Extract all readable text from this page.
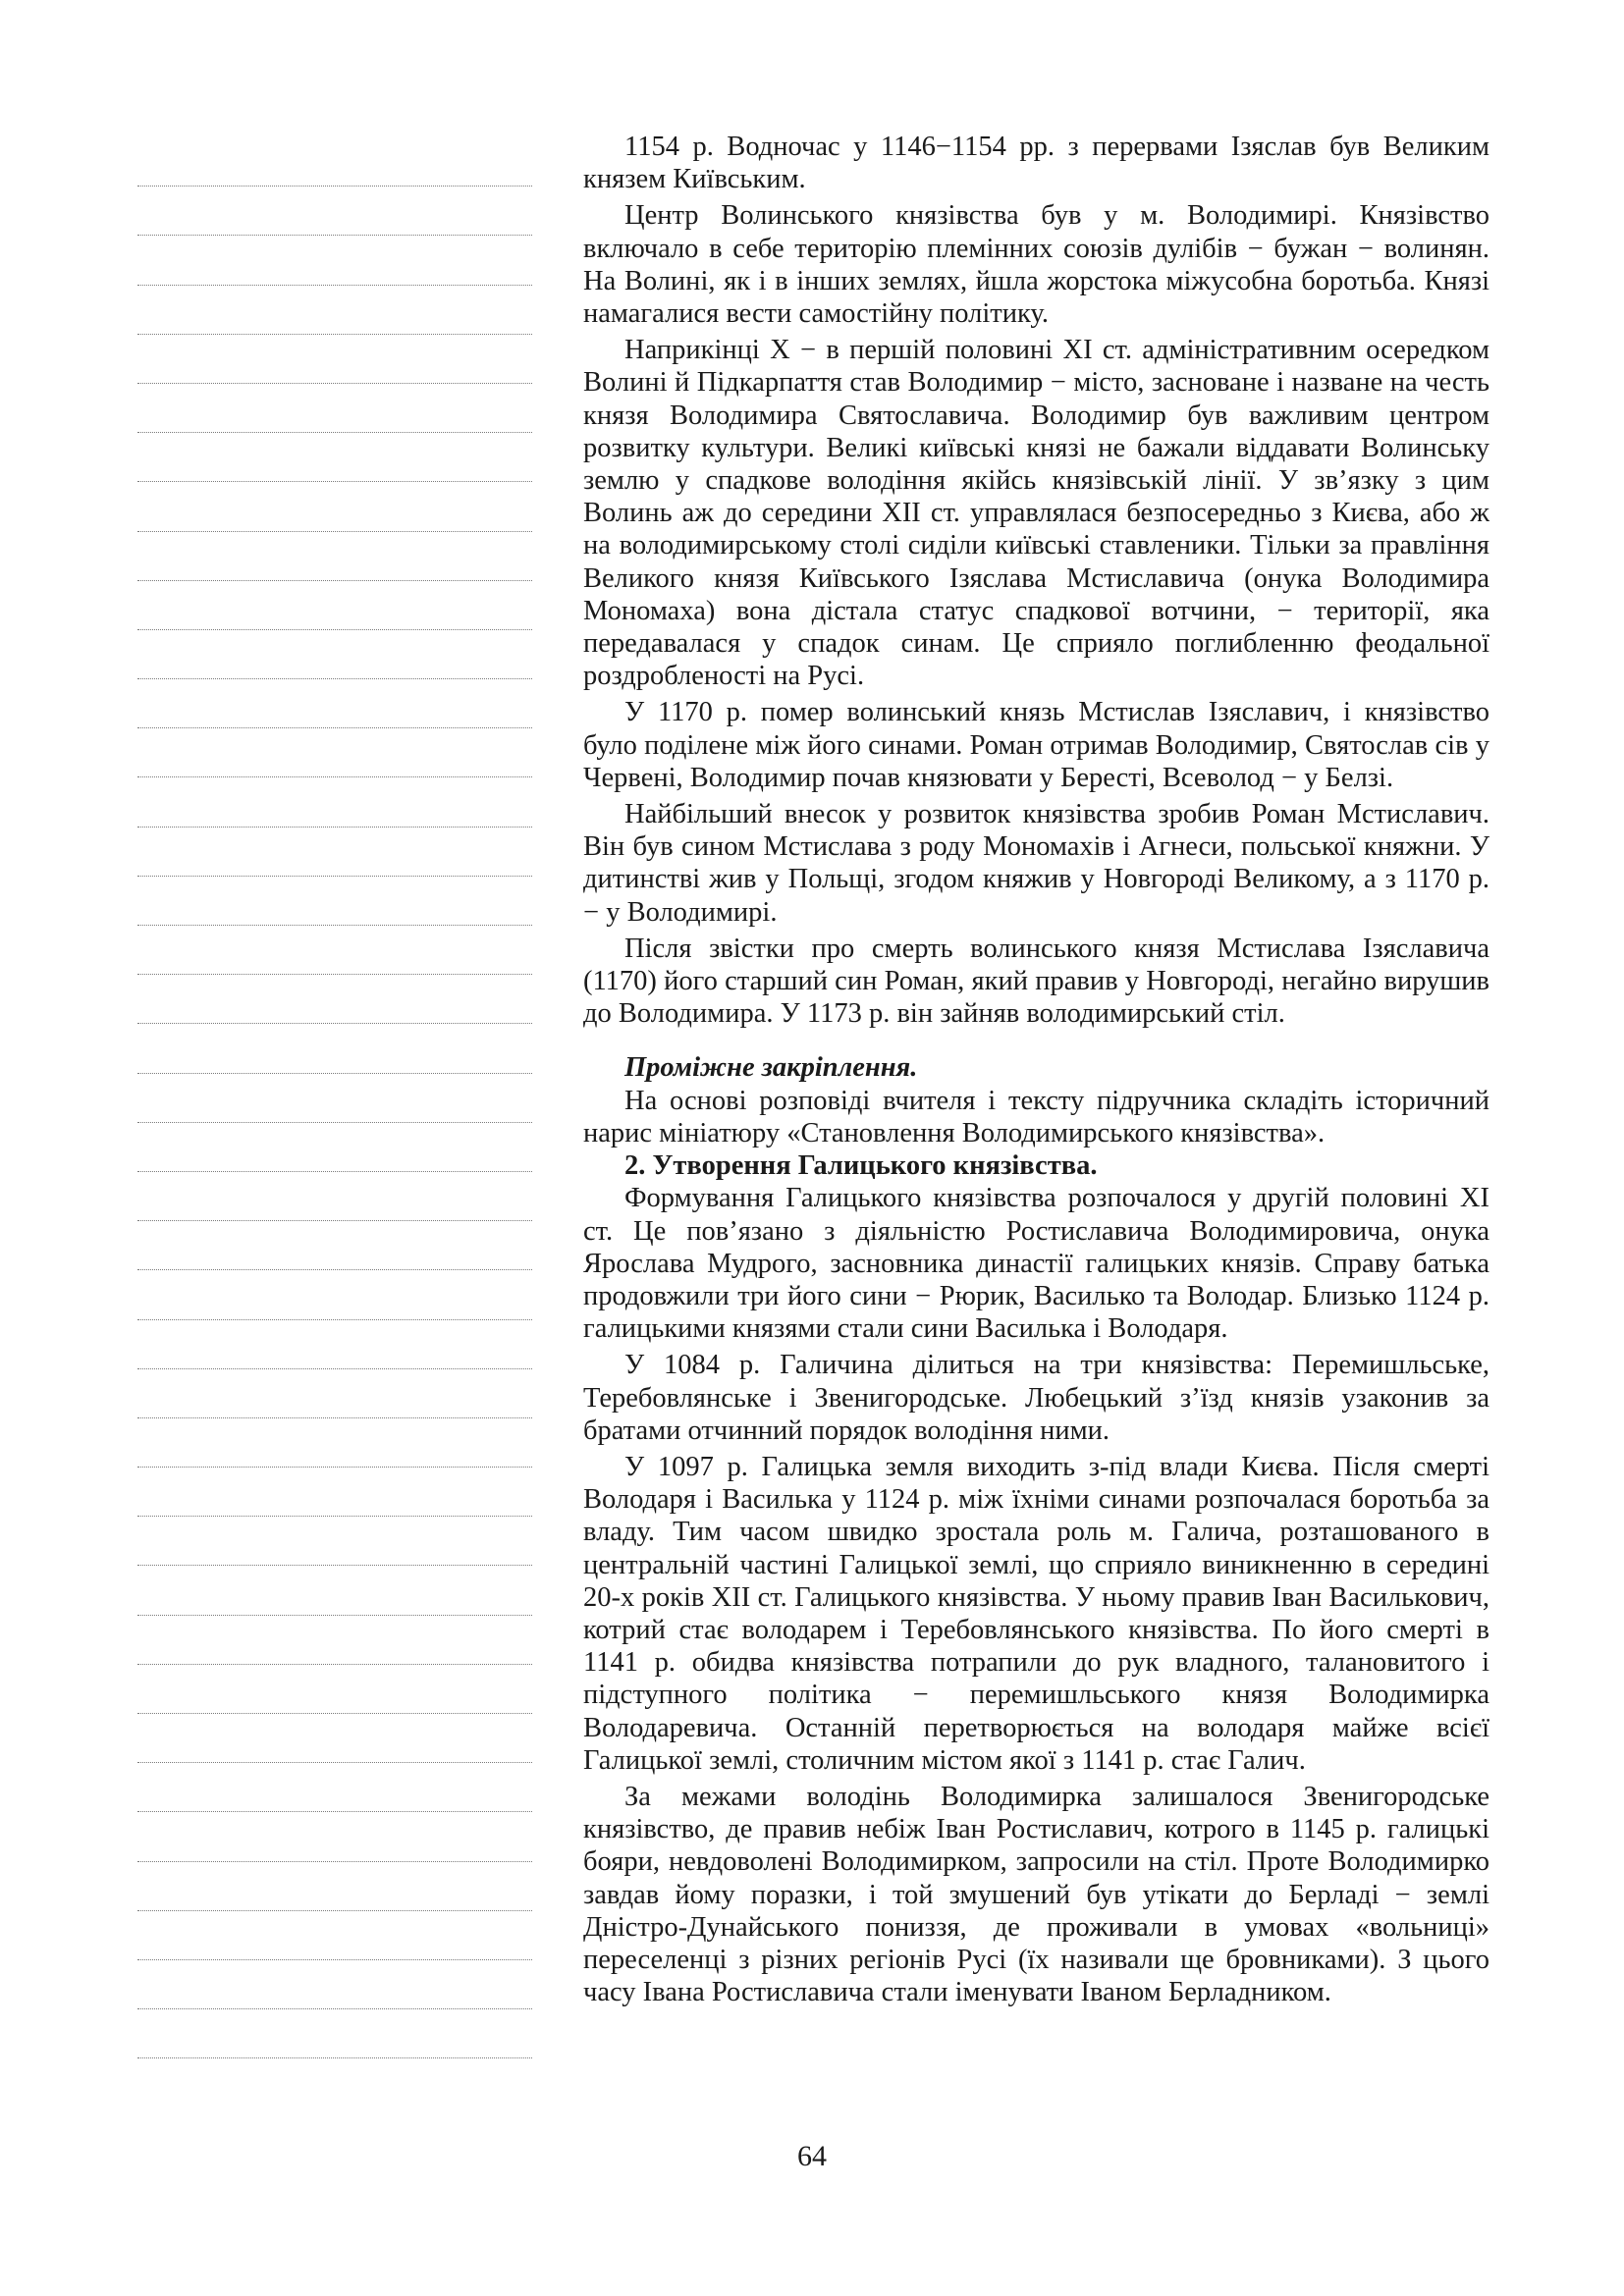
1154 р. Водночас у 1146−1154 рр. з перервами Ізяслав був Великим князем Київським.

Центр Волинського князівства був у м. Володимирі. Князівство включало в себе територію племінних союзів дулібів − бужан − волинян. На Волині, як і в інших землях, йшла жорстока міжусобна боротьба. Князі намагалися вести самостійну політику.

Наприкінці X − в першій половині XI ст. адміністративним осередком Волині й Підкарпаття став Володимир − місто, засноване і назване на честь князя Володимира Святославича. Володимир був важливим центром розвитку культури. Великі київські князі не бажали віддавати Волинську землю у спадкове володіння якійсь князівській лінії. У зв’язку з цим Волинь аж до середини XII ст. управлялася безпосередньо з Києва, або ж на володимирському столі сиділи київські ставленики. Тільки за правління Великого князя Київського Ізяслава Мстиславича (онука Володимира Мономаха) вона дістала статус спадкової вотчини, − території, яка передавалася у спадок синам. Це сприяло поглибленню феодальної роздробленості на Русі.

У 1170 р. помер волинський князь Мстислав Ізяславич, і князівство було поділене між його синами. Роман отримав Володимир, Святослав сів у Червені, Володимир почав князювати у Бересті, Всеволод − у Белзі.

Найбільший внесок у розвиток князівства зробив Роман Мстиславич. Він був сином Мстислава з роду Мономахів і Агнеси, польської княжни. У дитинстві жив у Польщі, згодом княжив у Новгороді Великому, а з 1170 р. − у Володимирі.

Після звістки про смерть волинського князя Мстислава Ізяславича (1170) його старший син Роман, який правив у Новгороді, негайно вирушив до Володимира. У 1173 р. він зайняв володимирський стіл.

Проміжне закріплення.

На основі розповіді вчителя і тексту підручника складіть історичний нарис мініатюру «Становлення Володимирського князівства».

2. Утворення Галицького князівства.

Формування Галицького князівства розпочалося у другій половині XI ст. Це пов’язано з діяльністю Ростиславича Володимировича, онука Ярослава Мудрого, засновника династії галицьких князів. Справу батька продовжили три його сини − Рюрик, Василько та Володар. Близько 1124 р. галицькими князями стали сини Василька і Володаря.

У 1084 р. Галичина ділиться на три князівства: Перемишльське, Теребовлянське і Звенигородське. Любецький з’їзд князів узаконив за братами отчинний порядок володіння ними.

У 1097 р. Галицька земля виходить з-під влади Києва. Після смерті Володаря і Василька у 1124 р. між їхніми синами розпочалася боротьба за владу. Тим часом швидко зростала роль м. Галича, розташованого в центральній частині Галицької землі, що сприяло виникненню в середині 20-х років XII ст. Галицького князівства. У ньому правив Іван Василькович, котрий стає володарем і Теребовлянського князівства. По його смерті в 1141 р. обидва князівства потрапили до рук владного, талановитого і підступного політика − перемишльського князя Володимирка Володаревича. Останній перетворюється на володаря майже всієї Галицької землі, столичним містом якої з 1141 р. стає Галич.

За межами володінь Володимирка залишалося Звенигородське князівство, де правив небіж Іван Ростиславич, котрого в 1145 р. галицькі бояри, невдоволені Володимирком, запросили на стіл. Проте Володимирко завдав йому поразки, і той змушений був утікати до Берладі − землі Дністро-Дунайського пониззя, де проживали в умовах «вольниці» переселенці з різних регіонів Русі (їх називали ще бровниками). З цього часу Івана Ростиславича стали іменувати Іваном Берладником.

64
